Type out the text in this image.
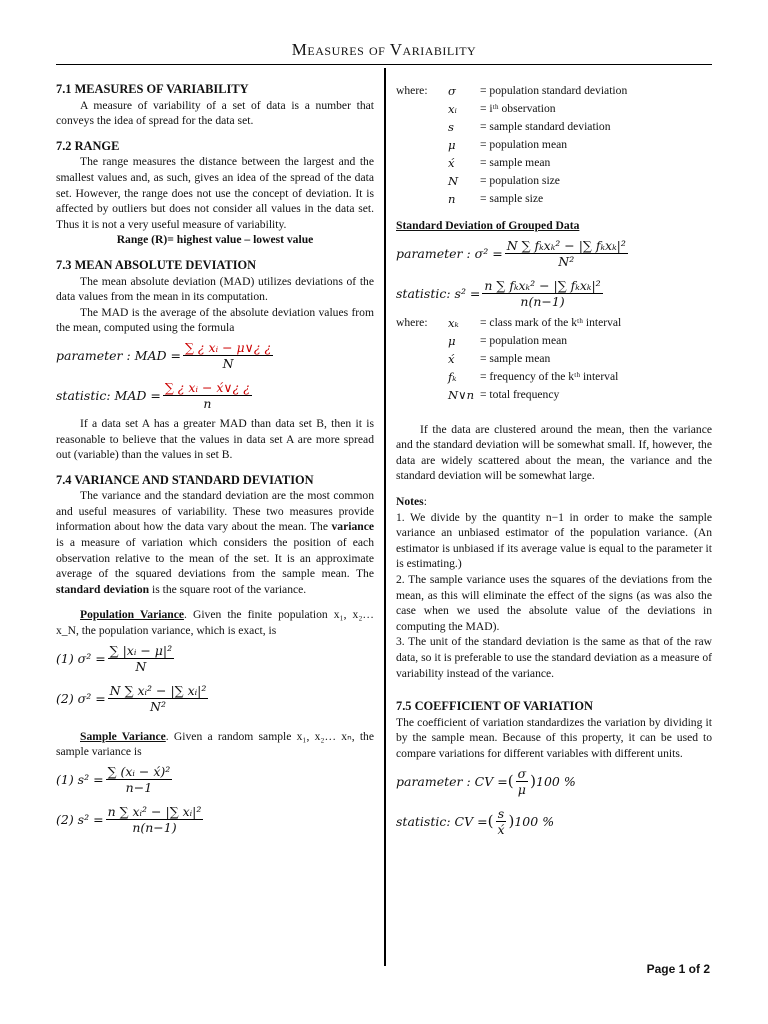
Measures of Variability
7.1 MEASURES OF VARIABILITY

A measure of variability of a set of data is a number that conveys the idea of spread for the data set.

7.2 RANGE

The range measures the distance between the largest and the smallest values and, as such, gives an idea of the spread of the data set. However, the range does not use the concept of deviation. It is affected by outliers but does not consider all values in the data set. Thus it is not a very useful measure of variability.

Range (R)= highest value – lowest value

7.3 MEAN ABSOLUTE DEVIATION

The mean absolute deviation (MAD) utilizes deviations of the data values from the mean in its computation.

The MAD is the average of the absolute deviation values from the mean, computed using the formula

parameter : MAD = $\frac{\text{∑ ¿ xᵢ − μ∨¿ ¿}}{N}$
statistic: MAD = $\frac{\text{∑ ¿ xᵢ − x́∨¿ ¿}}{n}$

If a data set A has a greater MAD than data set B, then it is reasonable to believe that the values in data set A are more spread out (variable) than the values in set B.

7.4 VARIANCE AND STANDARD DEVIATION

The variance and the standard deviation are the most common and useful measures of variability. These two measures provide information about how the data vary about the mean. The variance is a measure of variation which considers the position of each observation relative to the mean of the set. It is an approximate average of the squared deviations from the sample mean. The standard deviation is the square root of the variance.

Population Variance. Given the finite population x₁, x₂… x_N, the population variance, which is exact, is

(1) $\sigma^2 = \frac{\text{∑ |xᵢ − μ|²}}{N}$
(2) $\sigma^2 = \frac{\text{N ∑ xᵢ² − |∑ xᵢ|²}}{\text{N²}}$

Sample Variance. Given a random sample x₁, x₂… xₙ, the sample variance is

(1) $s^2 = \frac{\text{∑ (xᵢ − x́)²}}{n-1}$
(2) $s^2 = \frac{\text{n ∑ xᵢ² − |∑ xᵢ|²}}{n(n-1)}$
where:	σ	= population standard deviation
xᵢ	= iᵗʰ observation
s	= sample standard deviation
μ	= population mean
x́	= sample mean
N	= population size
n	= sample size

Standard Deviation of Grouped Data

parameter : $\sigma^2 = \frac{\text{N ∑ fₖxₖ² − |∑ fₖxₖ|²}}{\text{N²}}$
statistic: $s^2 = \frac{\text{n ∑ fₖxₖ² − |∑ fₖxₖ|²}}{n(n-1)}$
where:	xₖ	= class mark of the kᵗʰ interval
μ	= population mean
x́	= sample mean
fₖ	= frequency of the kᵗʰ interval
N∨n = total frequency

If the data are clustered around the mean, then the variance and the standard deviation will be somewhat small. If, however, the data are widely scattered about the mean, the variance and the standard deviation will be somewhat large.

Notes:

1. We divide by the quantity n−1 in order to make the sample variance an unbiased estimator of the population variance. (An estimator is unbiased if its average value is equal to the parameter it is estimating.)

2. The sample variance uses the squares of the deviations from the mean, as this will eliminate the effect of the signs (as was also the case when we used the absolute value of the deviations in computing the MAD).

3. The unit of the standard deviation is the same as that of the raw data, so it is preferable to use the standard deviation as a measure of variability instead of the variance.

7.5 COEFFICIENT OF VARIATION

The coefficient of variation standardizes the variation by dividing it by the sample mean. Because of this property, it can be used to compare variations for different variables with different units.

parameter : CV = ( $\frac{\sigma}{\mu}$ ) 100 %
statistic: CV = ( $\frac{s}{x́}$ ) 100 %
Page 1 of 2
